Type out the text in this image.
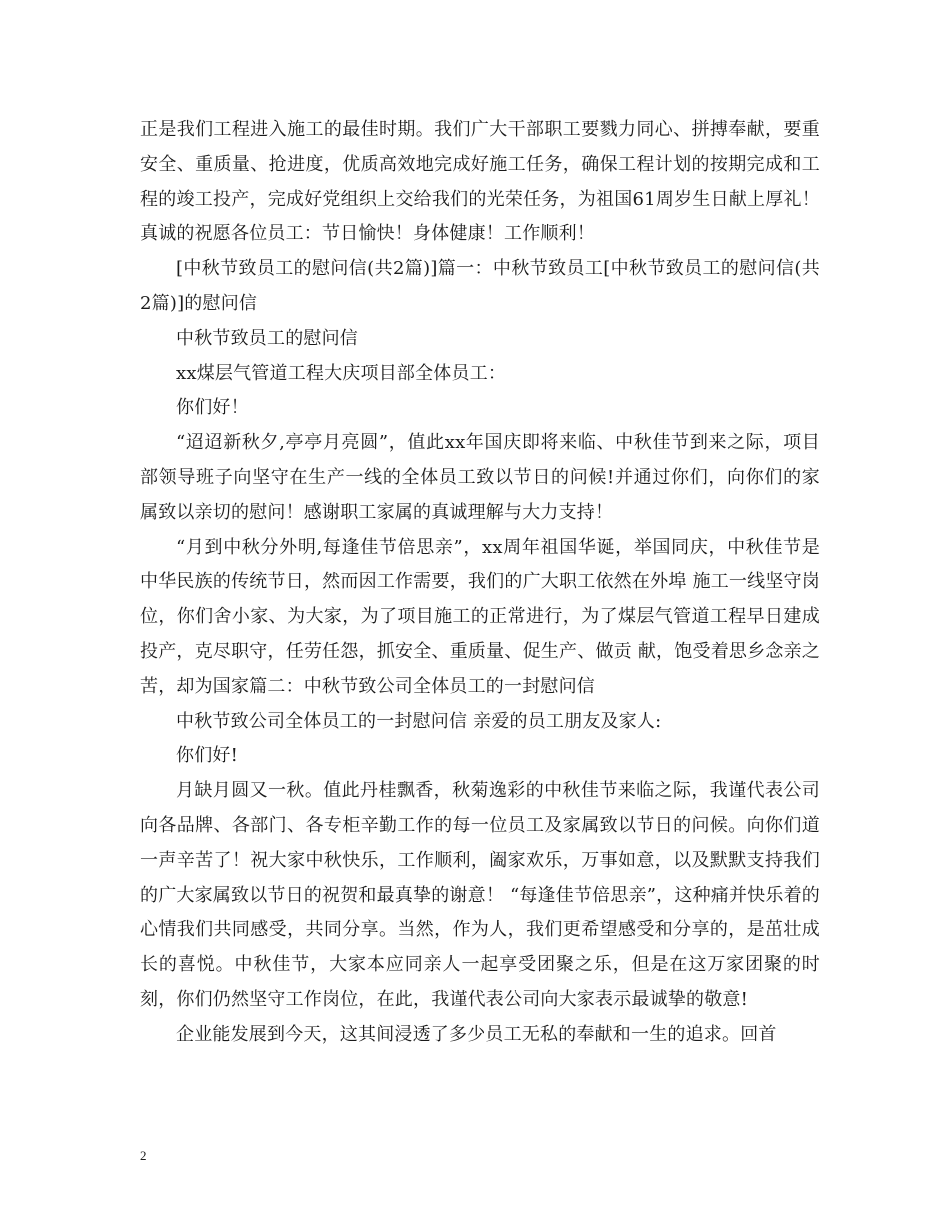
正是我们工程进入施工的最佳时期。我们广大干部职工要戮力同心、拼搏奉献，要重安全、重质量、抢进度，优质高效地完成好施工任务，确保工程计划的按期完成和工程的竣工投产，完成好党组织上交给我们的光荣任务，为祖国61周岁生日献上厚礼！真诚的祝愿各位员工：节日愉快！身体健康！工作顺利！

[中秋节致员工的慰问信(共2篇)]篇一：中秋节致员工[中秋节致员工的慰问信(共2篇)]的慰问信

中秋节致员工的慰问信

xx煤层气管道工程大庆项目部全体员工：

你们好！

“迢迢新秋夕,亭亭月亮圆”，值此xx年国庆即将来临、中秋佳节到来之际，项目部领导班子向坚守在生产一线的全体员工致以节日的问候!并通过你们，向你们的家属致以亲切的慰问！感谢职工家属的真诚理解与大力支持！

“月到中秋分外明,每逢佳节倍思亲”，xx周年祖国华诞，举国同庆，中秋佳节是中华民族的传统节日，然而因工作需要，我们的广大职工依然在外埠 施工一线坚守岗位，你们舍小家、为大家，为了项目施工的正常进行，为了煤层气管道工程早日建成投产，克尽职守，任劳任怨，抓安全、重质量、促生产、做贡 献，饱受着思乡念亲之苦，却为国家篇二：中秋节致公司全体员工的一封慰问信

中秋节致公司全体员工的一封慰问信 亲爱的员工朋友及家人:

你们好!

月缺月圆又一秋。值此丹桂飘香，秋菊逸彩的中秋佳节来临之际，我谨代表公司向各品牌、各部门、各专柜辛勤工作的每一位员工及家属致以节日的问候。向你们道一声辛苦了！祝大家中秋快乐，工作顺利，阖家欢乐，万事如意，以及默默支持我们的广大家属致以节日的祝贺和最真挚的谢意！ “每逢佳节倍思亲”，这种痛并快乐着的心情我们共同感受，共同分享。当然，作为人，我们更希望感受和分享的，是茁壮成长的喜悦。中秋佳节，大家本应同亲人一起享受团聚之乐，但是在这万家团聚的时刻，你们仍然坚守工作岗位，在此，我谨代表公司向大家表示最诚挚的敬意!

企业能发展到今天，这其间浸透了多少员工无私的奉献和一生的追求。回首

2
